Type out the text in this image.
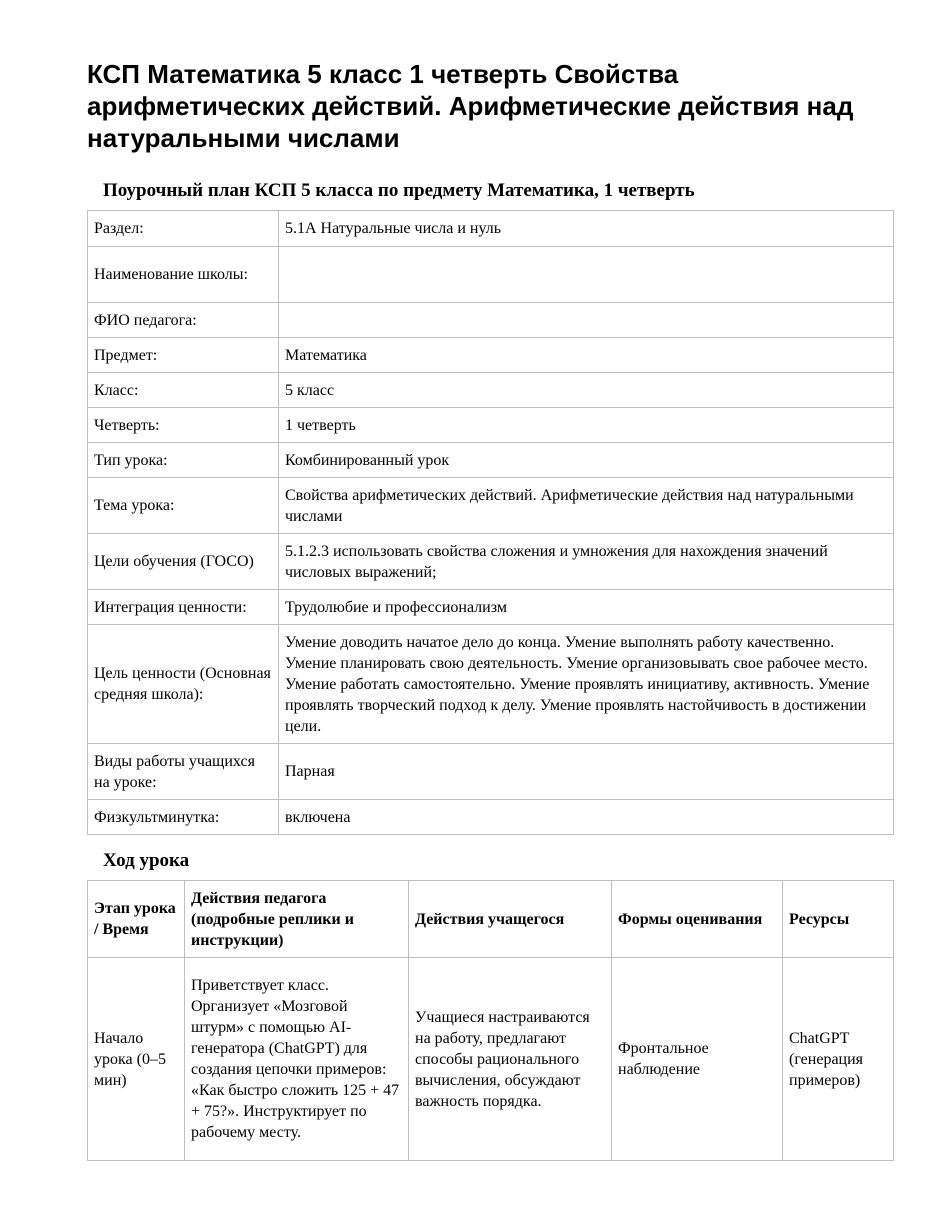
КСП Математика 5 класс 1 четверть Свойства арифметических действий. Арифметические действия над натуральными числами
Поурочный план КСП 5 класса по предмету Математика, 1 четверть
Раздел:	5.1А Натуральные числа и нуль
Наименование школы:	
ФИО педагога:	
Предмет:	Математика
Класс:	5 класс
Четверть:	1 четверть
Тип урока:	Комбинированный урок
Тема урока:	Свойства арифметических действий. Арифметические действия над натуральными числами
Цели обучения (ГОСО)	5.1.2.3 использовать свойства сложения и умножения для нахождения значений числовых выражений;
Интеграция ценности:	Трудолюбие и профессионализм
Цель ценности (Основная средняя школа):	Умение доводить начатое дело до конца. Умение выполнять работу качественно. Умение планировать свою деятельность. Умение организовывать свое рабочее место. Умение работать самостоятельно. Умение проявлять инициативу, активность. Умение проявлять творческий подход к делу. Умение проявлять настойчивость в достижении цели.
Виды работы учащихся на уроке:	Парная
Физкультминутка:	включена
Ход урока
Этап урока / Время	Действия педагога (подробные реплики и инструкции)	Действия учащегося	Формы оценивания	Ресурсы
Начало урока (0–5 мин)	Приветствует класс. Организует «Мозговой штурм» с помощью AI-генератора (ChatGPT) для создания цепочки примеров: «Как быстро сложить 125 + 47 + 75?». Инструктирует по рабочему месту.	Учащиеся настраиваются на работу, предлагают способы рационального вычисления, обсуждают важность порядка.	Фронтальное наблюдение	ChatGPT (генерация примеров)
